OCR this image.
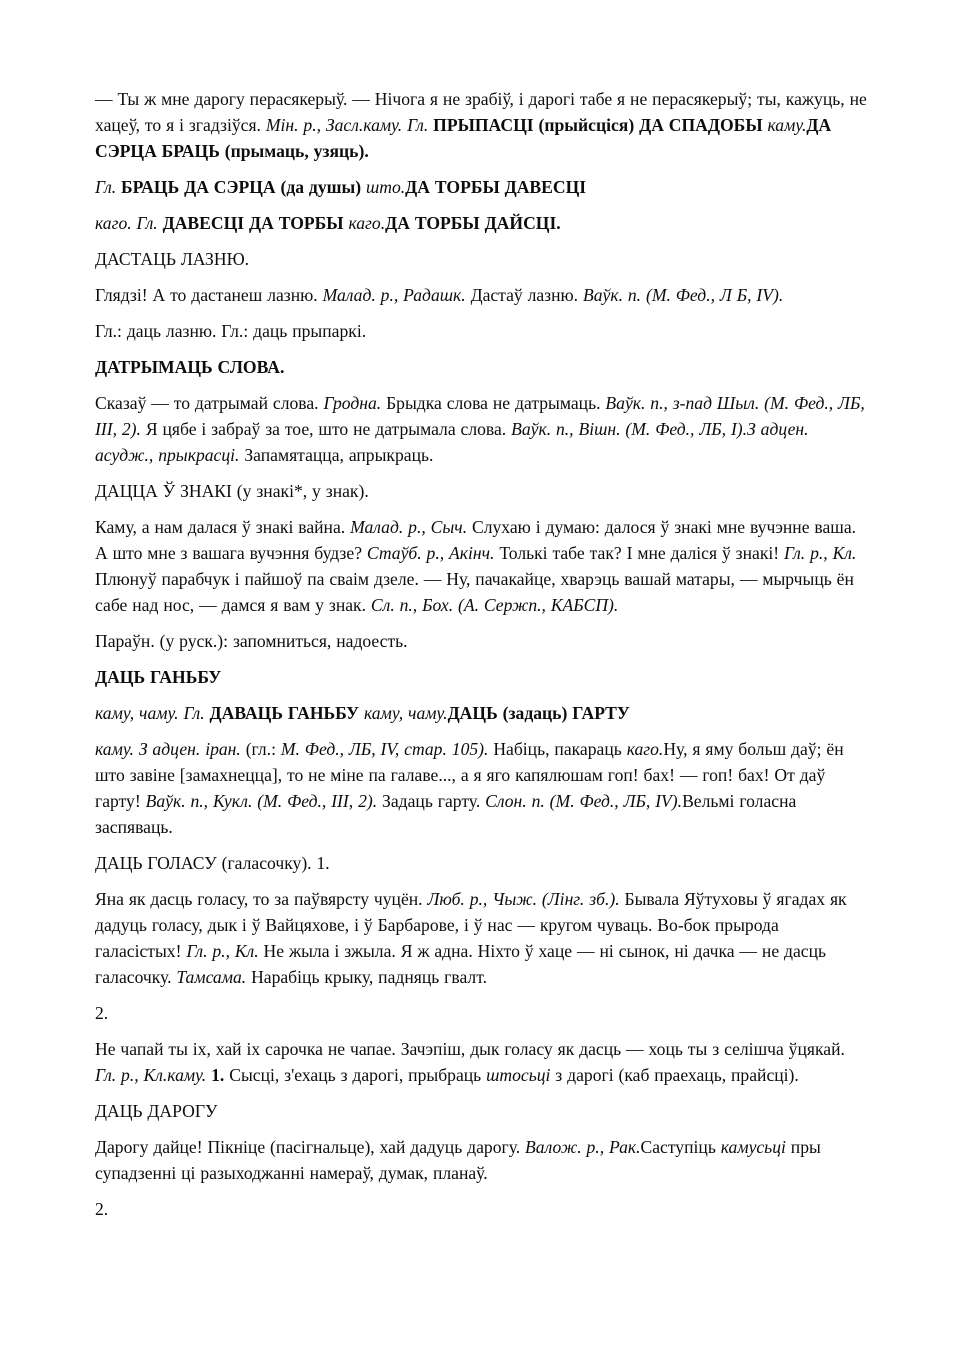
— Ты ж мне дарогу перасякерыў. — Нічога я не зрабіў, і дарогі табе я не перасякерыў; ты, кажуць, не хацеў, то я і згадзіўся. Мін. р., Засл.каму. Гл. ПРЫПАСЦІ (прыйсціся) ДА СПАДОБЫ каму.ДА СЭРЦА БРАЦЬ (прымаць, узяць).

Гл. БРАЦЬ ДА СЭРЦА (да душы) што.ДА ТОРБЫ ДАВЕСЦІ

каго. Гл. ДАВЕСЦІ ДА ТОРБЫ каго.ДА ТОРБЫ ДАЙСЦІ.

ДАСТАЦЬ ЛАЗНЮ.

Глядзі! А то дастанеш лазню. Малад. р., Радашк. Дастаў лазню. Ваўк. п. (М. Фед., Л Б, IV).

Гл.: даць лазню. Гл.: даць прыпаркі.

ДАТРЫМАЦЬ СЛОВА.

Сказаў — то датрымай слова. Гродна. Брыдка слова не датрымаць. Ваўк. п., з-пад Шыл. (М. Фед., ЛБ, III, 2). Я цябе і забраў за тое, што не датрымала слова. Ваўк. п., Вішн. (М. Фед., ЛБ, І).З адцен. асудж., прыкрасці. Запамятацца, апрыкраць.

ДАЦЦА Ў ЗНАКІ (у знакі*, у знак).

Каму, а нам далася ў знакі вайна. Малад. р., Сыч. Слухаю і думаю: далося ў знакі мне вучэнне ваша. А што мне з вашага вучэння будзе? Стаўб. р., Акінч. Толькі табе так? І мне даліся ў знакі! Гл. р., Кл. Плюнуў парабчук і пайшоў па сваім дзеле. — Ну, пачакайце, хварэць вашай матары, — мырчыць ён сабе над нос, — дамся я вам у знак. Сл. п., Бох. (А. Сержп., КАБСП).

Параўн. (у руск.): запомниться, надоесть.

ДАЦЬ ГАНЬБУ

каму, чаму. Гл. ДАВАЦЬ ГАНЬБУ каму, чаму.ДАЦЬ (задаць) ГАРТУ

каму. З адцен. іран. (гл.: М. Фед., ЛБ, IV, стар. 105). Набіць, пакараць каго.Ну, я яму больш даў; ён што завіне [замахнецца], то не міне па галаве..., а я яго капялюшам гоп! бах! — гоп! бах! От даў гарту! Ваўк. п., Кукл. (М. Фед., III, 2). Задаць гарту. Слон. п. (М. Фед., ЛБ, IV).Вельмі голасна заспяваць.

ДАЦЬ ГОЛАСУ (галасочку). 1.

Яна як дасць голасу, то за паўвярсту чуцён. Люб. р., Чыж. (Лінг. зб.). Бывала Яўтуховы ў ягадах як дадуць голасу, дык і ў Вайцяхове, і ў Барбарове, і ў нас — кругом чуваць. Во-бок прырода галасістых! Гл. р., Кл. Не жыла і зжыла. Я ж адна. Ніхто ў хаце — ні сынок, ні дачка — не дасць галасочку. Тамсама. Нарабіць крыку, падняць гвалт.

2.

Не чапай ты іх, хай іх сарочка не чапае. Зачэпіш, дык голасу як дасць — хоць ты з селішча ўцякай. Гл. р., Кл.каму. 1. Сысці, з'ехаць з дарогі, прыбраць штосьці з дарогі (каб праехаць, прайсці).

ДАЦЬ ДАРОГУ

Дарогу дайце! Пікніце (пасігнальце), хай дадуць дарогу. Валож. р., Рак.Саступіць камусьці пры супадзенні ці разыходжанні намераў, думак, планаў.

2.
